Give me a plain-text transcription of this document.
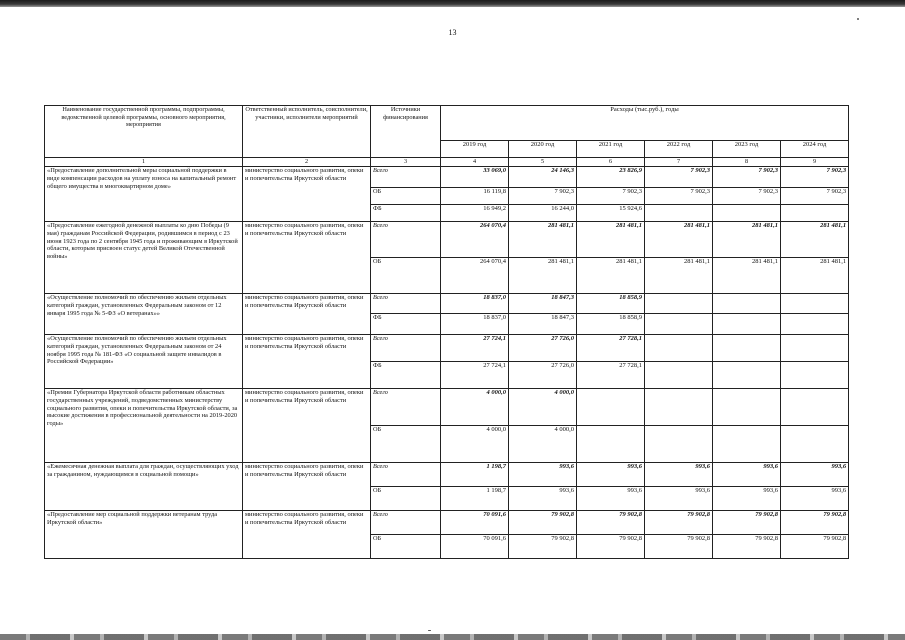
13
Наименование государственной программы, подпрограммы, ведомственной целевой программы, основного мероприятия, мероприятия	Ответственный исполнитель, соисполнители, участники, исполнители мероприятий	Источники финансирования	Расходы (тыс.руб.), годы					
			2019 год	2020 год	2021 год	2022 год	2023 год	2024 год
1	2	3	4	5	6	7	8	9
«Предоставление дополнительной меры социальной поддержки в виде компенсации расходов на уплату взноса на капитальный ремонт общего имущества в многоквартирном доме»	министерство социального развития, опеки и попечительства Иркутской области	Всего	33 069,0	24 146,3	23 826,9	7 902,3	7 902,3	7 902,3
		ОБ	16 119,8	7 902,3	7 902,3	7 902,3	7 902,3	7 902,3
		ФБ	16 949,2	16 244,0	15 924,6			
«Предоставление ежегодной денежной выплаты ко дню Победы (9 мая) гражданам Российской Федерации, родившимся в период с 23 июня 1923 года по 2 сентября 1945 года и проживающим в Иркутской области, которым присвоен статус детей Великой Отечественной войны»	министерство социального развития, опеки и попечительства Иркутской области	Всего	264 070,4	281 481,1	281 481,1	281 481,1	281 481,1	281 481,1
		ОБ	264 070,4	281 481,1	281 481,1	281 481,1	281 481,1	281 481,1
«Осуществление полномочий по обеспечению жильем отдельных категорий граждан, установленных Федеральным законом от 12 января 1995 года № 5-ФЗ «О ветеранах»»	министерство социального развития, опеки и попечительства Иркутской области	Всего	18 837,0	18 847,3	18 858,9			
		ФБ	18 837,0	18 847,3	18 858,9			
«Осуществление полномочий по обеспечению жильем отдельных категорий граждан, установленных Федеральным законом от 24 ноября 1995 года № 181-ФЗ «О социальной защите инвалидов в Российской Федерации»	министерство социального развития, опеки и попечительства Иркутской области	Всего	27 724,1	27 726,0	27 728,1			
		ФБ	27 724,1	27 726,0	27 728,1			
«Премии Губернатора Иркутской области работникам областных государственных учреждений, подведомственных министерству социального развития, опеки и попечительства Иркутской области, за высокие достижения в профессиональной деятельности на 2019-2020 годы»	министерство социального развития, опеки и попечительства Иркутской области	Всего	4 000,0	4 000,0				
		ОБ	4 000,0	4 000,0				
«Ежемесячная денежная выплата для граждан, осуществляющих уход за гражданином, нуждающимся в социальной помощи»	министерство социального развития, опеки и попечительства Иркутской области	Всего	1 198,7	993,6	993,6	993,6	993,6	993,6
		ОБ	1 198,7	993,6	993,6	993,6	993,6	993,6
«Предоставление мер социальной поддержки ветеранам труда Иркутской области»	министерство социального развития, опеки и попечительства Иркутской области	Всего	70 091,6	79 902,8	79 902,8	79 902,8	79 902,8	79 902,8
		ОБ	70 091,6	79 902,8	79 902,8	79 902,8	79 902,8	79 902,8
